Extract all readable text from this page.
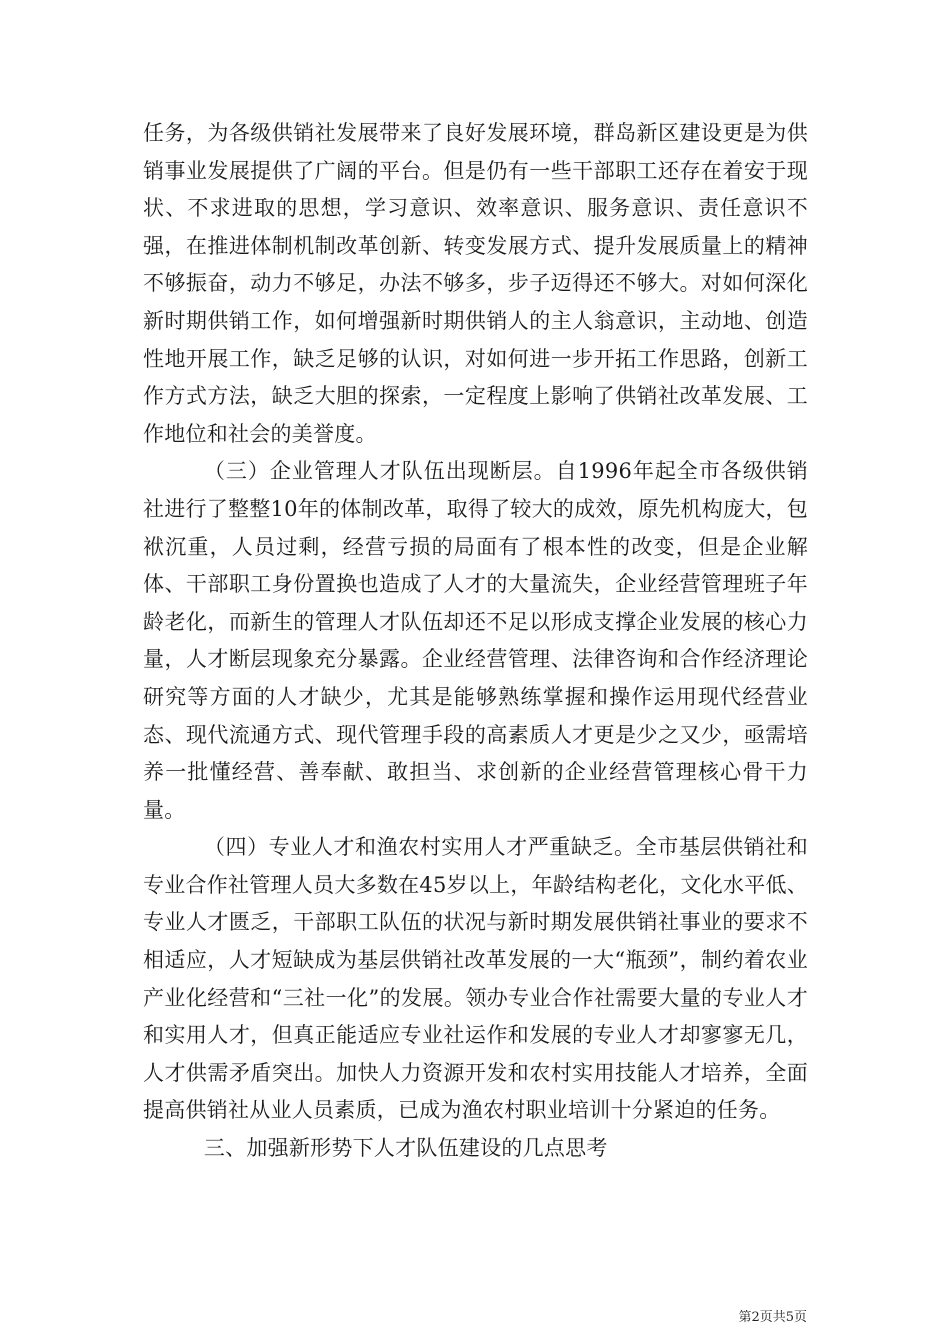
任务，为各级供销社发展带来了良好发展环境，群岛新区建设更是为供销事业发展提供了广阔的平台。但是仍有一些干部职工还存在着安于现状、不求进取的思想，学习意识、效率意识、服务意识、责任意识不强，在推进体制机制改革创新、转变发展方式、提升发展质量上的精神不够振奋，动力不够足，办法不够多，步子迈得还不够大。对如何深化新时期供销工作，如何增强新时期供销人的主人翁意识，主动地、创造性地开展工作，缺乏足够的认识，对如何进一步开拓工作思路，创新工作方式方法，缺乏大胆的探索，一定程度上影响了供销社改革发展、工作地位和社会的美誉度。

（三）企业管理人才队伍出现断层。自1996年起全市各级供销社进行了整整10年的体制改革，取得了较大的成效，原先机构庞大，包袱沉重，人员过剩，经营亏损的局面有了根本性的改变，但是企业解体、干部职工身份置换也造成了人才的大量流失，企业经营管理班子年龄老化，而新生的管理人才队伍却还不足以形成支撑企业发展的核心力量，人才断层现象充分暴露。企业经营管理、法律咨询和合作经济理论研究等方面的人才缺少，尤其是能够熟练掌握和操作运用现代经营业态、现代流通方式、现代管理手段的高素质人才更是少之又少，亟需培养一批懂经营、善奉献、敢担当、求创新的企业经营管理核心骨干力量。

（四）专业人才和渔农村实用人才严重缺乏。全市基层供销社和专业合作社管理人员大多数在45岁以上，年龄结构老化，文化水平低、专业人才匮乏，干部职工队伍的状况与新时期发展供销社事业的要求不相适应，人才短缺成为基层供销社改革发展的一大“瓶颈”，制约着农业产业化经营和“三社一化”的发展。领办专业合作社需要大量的专业人才和实用人才，但真正能适应专业社运作和发展的专业人才却寥寥无几，人才供需矛盾突出。加快人力资源开发和农村实用技能人才培养，全面提高供销社从业人员素质，已成为渔农村职业培训十分紧迫的任务。

三、加强新形势下人才队伍建设的几点思考

第2页共5页
